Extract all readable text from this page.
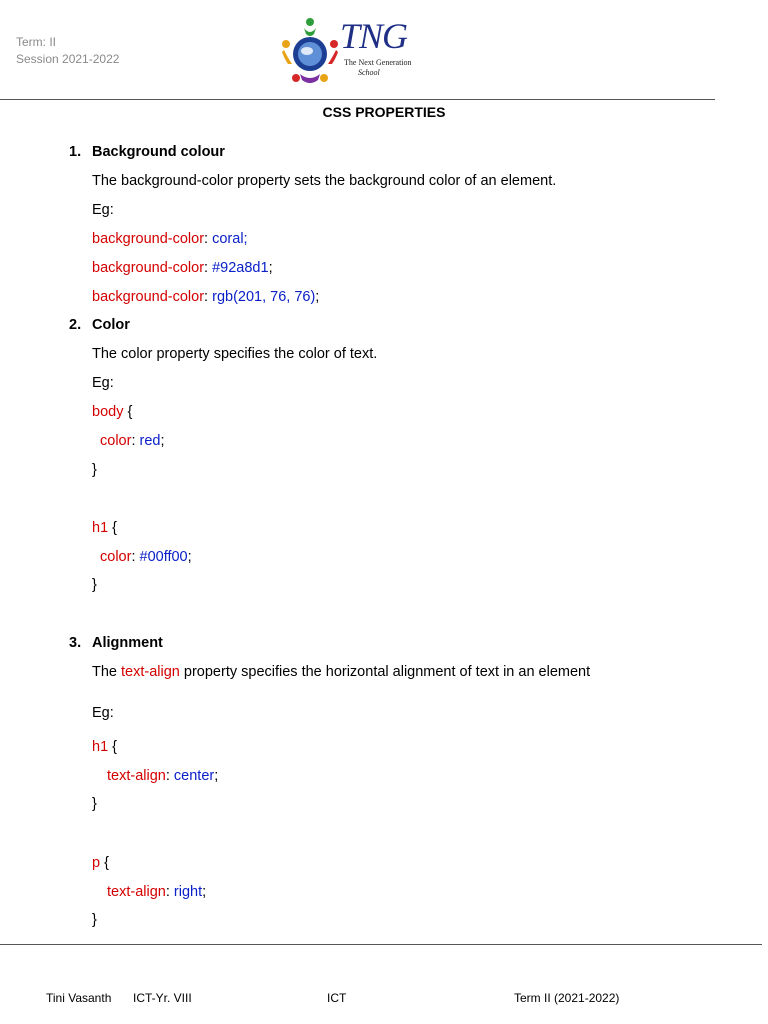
Term: II
Session 2021-2022
TNG
The Next Generation
School
CSS PROPERTIES
1. Background colour
The background-color property sets the background color of an element.
Eg:
background-color: coral;
background-color: #92a8d1;
background-color: rgb(201, 76, 76);
2. Color
The color property specifies the color of text.
Eg:
body {
color: red;
}
h1 {
color: #00ff00;
}
3. Alignment
The text-align property specifies the horizontal alignment of text in an element
Eg:
h1 {
text-align: center;
}
p {
text-align: right;
}
Tini Vasanth ICT-Yr. VIII	ICT	Term II (2021-2022)
